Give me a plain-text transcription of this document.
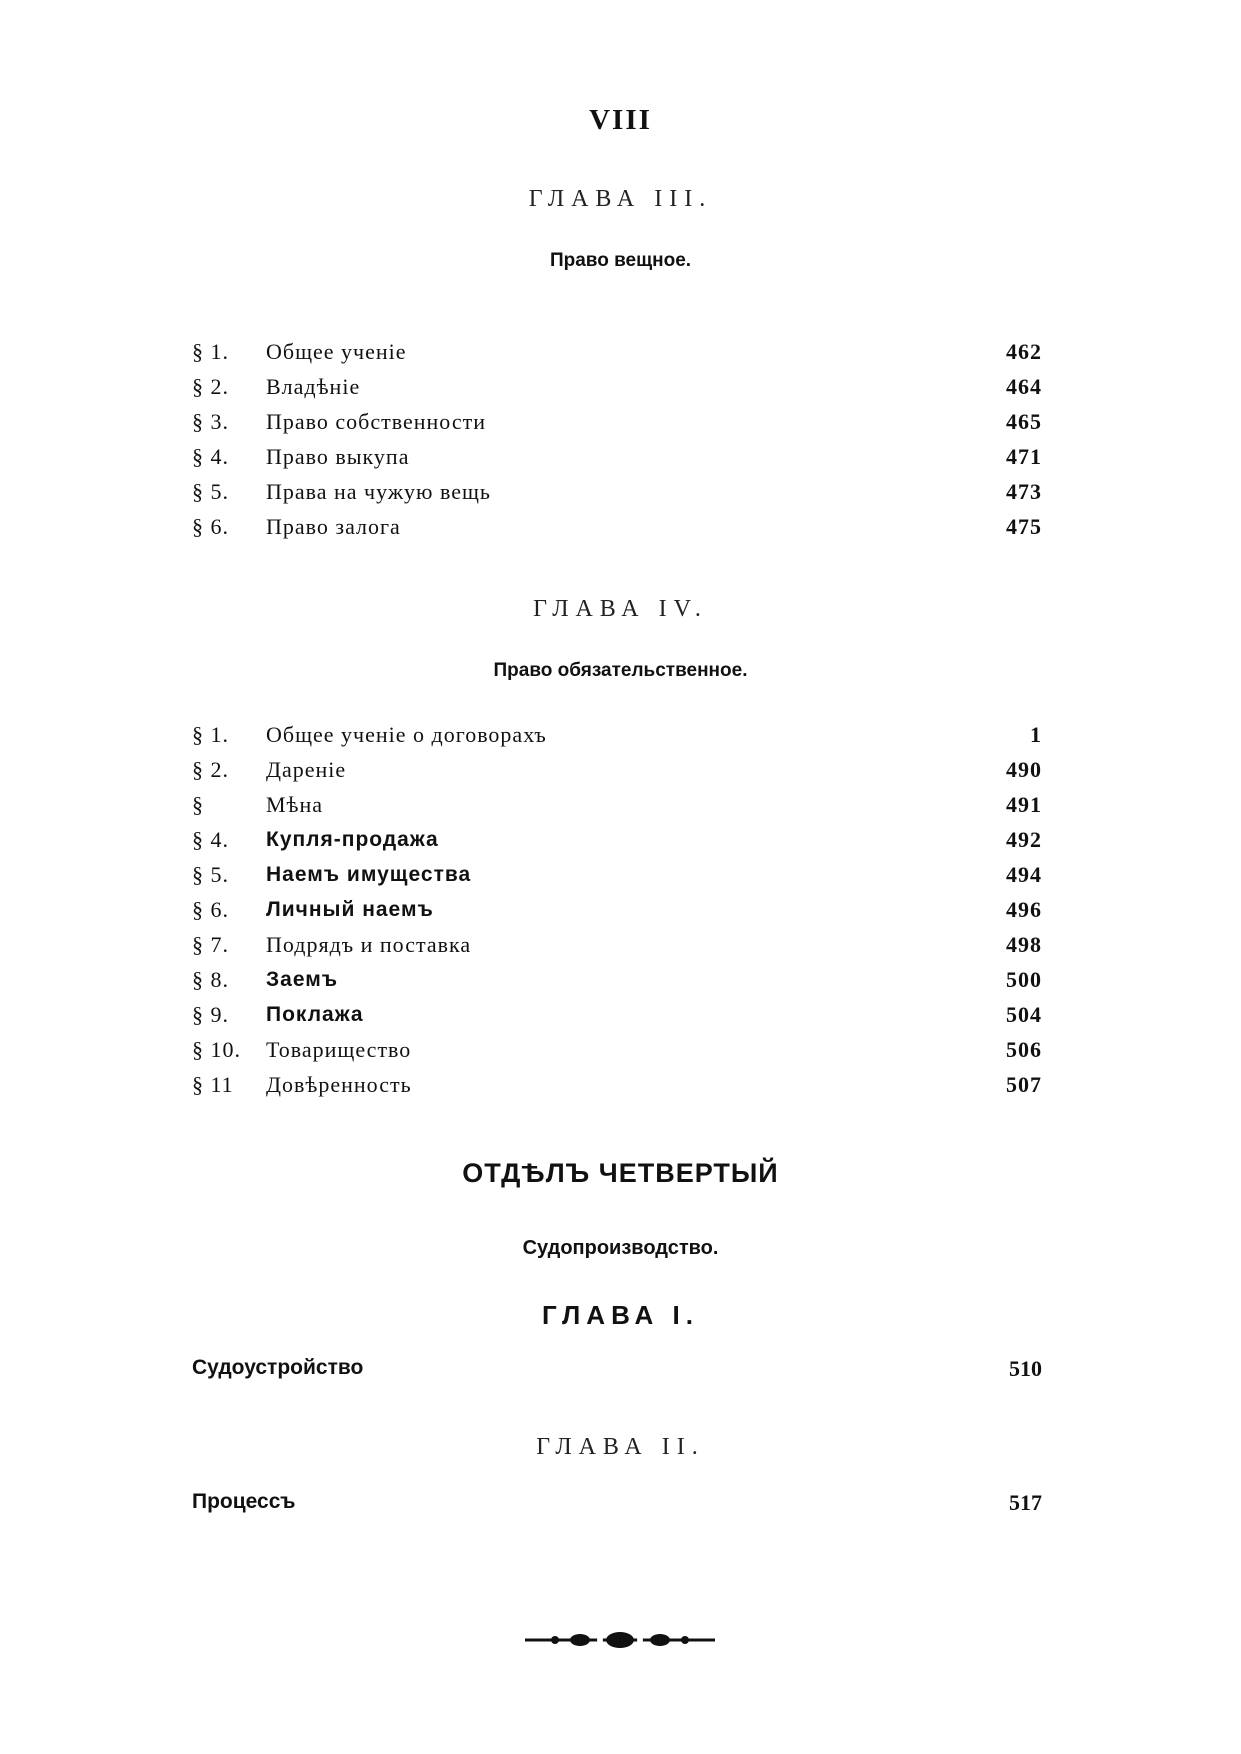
VIII
ГЛАВА III.
Право вещное.
§ 1.	Общее ученіе	462
§ 2.	Владѣніе	464
§ 3.	Право собственности	465
§ 4.	Право выкупа	471
§ 5.	Права на чужую вещь	473
§ 6.	Право залога	475
ГЛАВА IV.
Право обязательственное.
§ 1.	Общее ученіе о договорахъ	1
§ 2.	Дареніе	490
§	Мѣна	491
§ 4.	Купля-продажа	492
§ 5.	Наемъ имущества	494
§ 6.	Личный наемъ	496
§ 7.	Подрядъ и поставка	498
§ 8.	Заемъ	500
§ 9.	Поклажа	504
§ 10.	Товарищество	506
§ 11	Довѣренность	507
ОТДѢЛЪ ЧЕТВЕРТЫЙ
Судопроизводство.
ГЛАВА I.
Судоустройство	510
ГЛАВА II.
Процессъ	517
